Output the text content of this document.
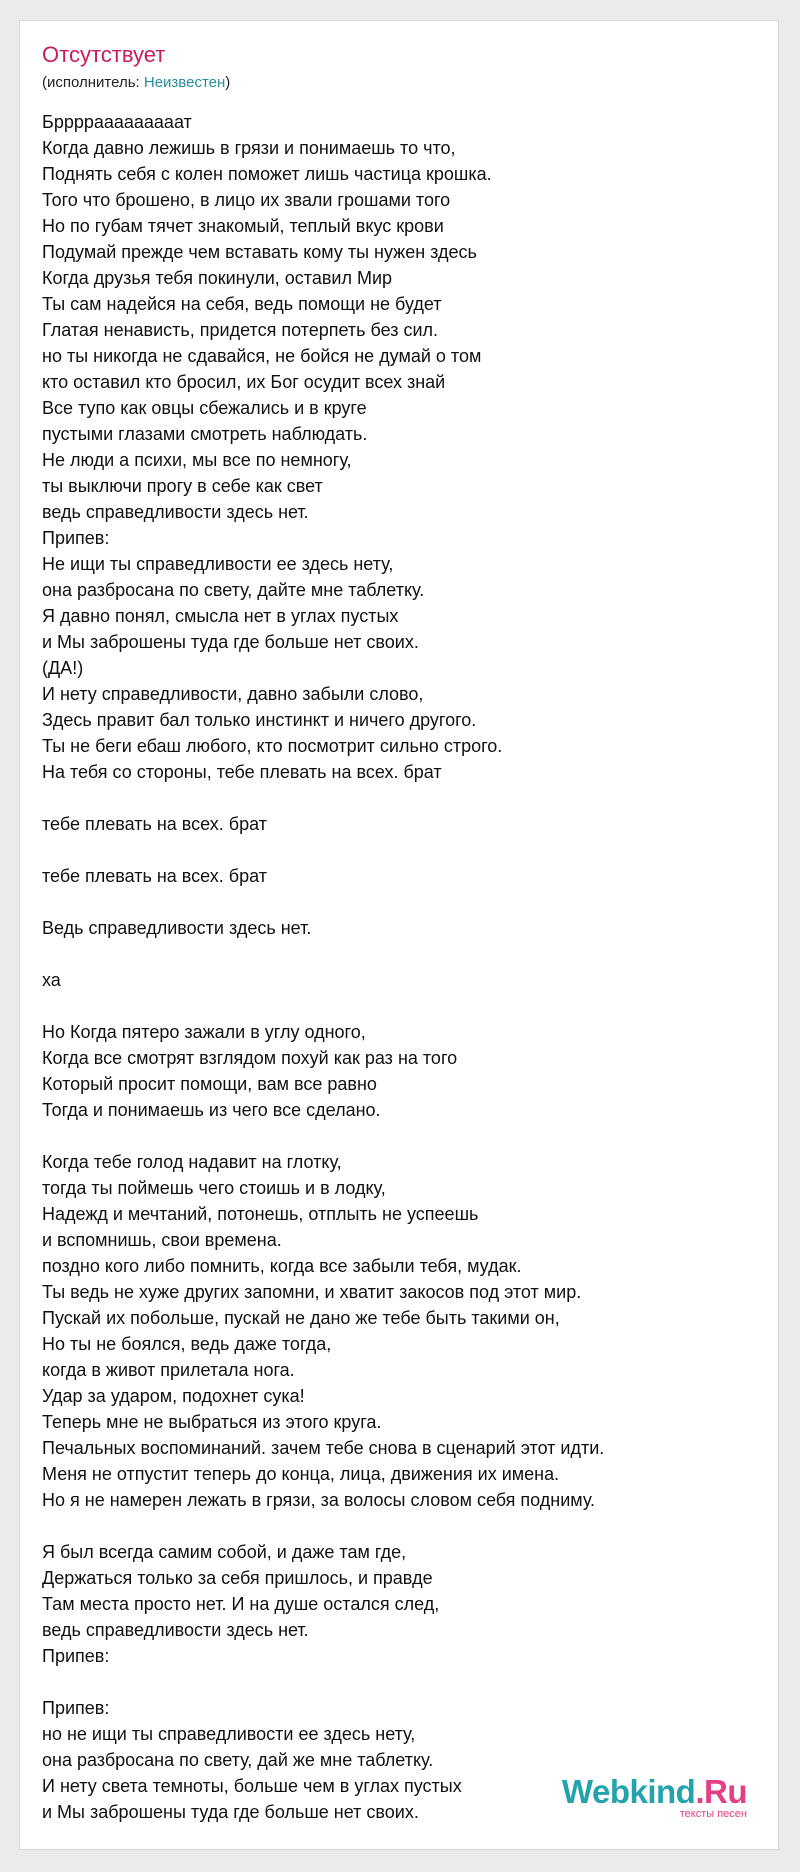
Отсутствует
(исполнитель: Неизвестен)
Бррррааааааааат
Когда давно лежишь в грязи и понимаешь то что,
Поднять себя с колен поможет лишь частица крошка.
Того что брошено, в лицо их звали грошами того
Но по губам тячет знакомый, теплый вкус крови
Подумай прежде чем вставать кому ты нужен здесь
Когда друзья тебя покинули, оставил Мир
Ты сам надейся на себя, ведь помощи не будет
Глатая ненависть, придется потерпеть без сил.
но ты никогда не сдавайся, не бойся не думай о том
кто оставил кто бросил, их Бог осудит всех знай
Все тупо как овцы сбежались и в круге
пустыми глазами смотреть наблюдать.
Не люди а психи, мы все по немногу,
ты выключи прогу в себе как свет
ведь справедливости здесь нет.
Припев:
Не ищи ты справедливости ее здесь нету,
она разбросана по свету, дайте мне таблетку.
Я давно понял, смысла нет в углах пустых
и Мы заброшены туда где больше нет своих.
(ДА!)
И нету справедливости, давно забыли слово,
Здесь правит бал только инстинкт и ничего другого.
Ты не беги ебаш любого, кто посмотрит сильно строго.
На тебя со стороны, тебе плевать на всех. брат
тебе плевать на всех. брат
тебе плевать на всех. брат
Ведь справедливости здесь нет.
ха
Но Когда пятеро зажали в углу одного,
Когда все смотрят взглядом похуй как раз на того
Который просит помощи, вам все равно
Тогда и понимаешь из чего все сделано.
Когда тебе голод надавит на глотку,
тогда ты поймешь чего стоишь и в лодку,
Надежд и мечтаний, потонешь, отплыть не успеешь
и вспомнишь, свои времена.
поздно кого либо помнить, когда все забыли тебя, мудак.
Ты ведь не хуже других запомни, и хватит закосов под этот мир.
Пускай их побольше, пускай не дано же тебе быть такими он,
Но ты не боялся, ведь даже тогда,
когда в живот прилетала нога.
Удар за ударом, подохнет сука!
Теперь мне не выбраться из этого круга.
Печальных воспоминаний. зачем тебе снова в сценарий этот идти.
Меня не отпустит теперь до конца, лица, движения их имена.
Но я не намерен лежать в грязи, за волосы словом себя подниму.
Я был всегда самим собой, и даже там где,
Держаться только за себя пришлось, и правде
Там места просто нет. И на душе остался след,
ведь справедливости здесь нет.
Припев:
Припев:
но не ищи ты справедливости ее здесь нету,
она разбросана по свету, дай же мне таблетку.
И нету света темноты, больше чем в углах пустых
и Мы заброшены туда где больше нет своих.
Webkind.Ru
тексты песен
